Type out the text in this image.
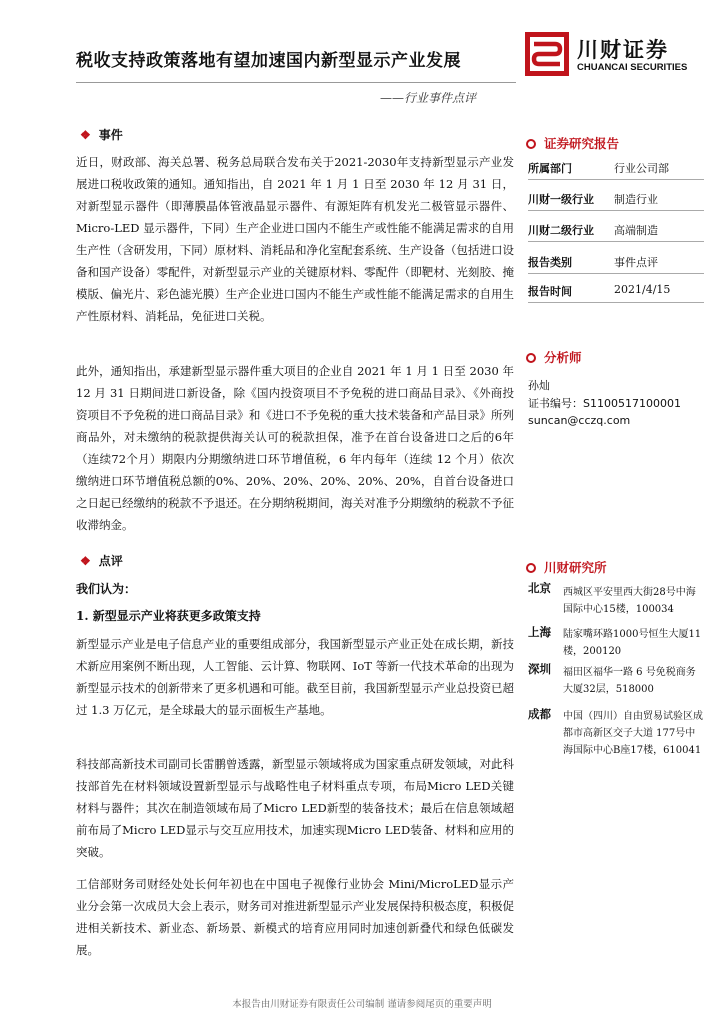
税收支持政策落地有望加速国内新型显示产业发展
——行业事件点评
川财证券
CHUANCAI SECURITIES
❖ 事件
近日，财政部、海关总署、税务总局联合发布关于2021-2030年支持新型显示产业发展进口税收政策的通知。通知指出，自 2021 年 1 月 1 日至 2030 年 12 月 31 日，对新型显示器件（即薄膜晶体管液晶显示器件、有源矩阵有机发光二极管显示器件、Micro-LED 显示器件，下同）生产企业进口国内不能生产或性能不能满足需求的自用生产性（含研发用，下同）原材料、消耗品和净化室配套系统、生产设备（包括进口设备和国产设备）零配件，对新型显示产业的关键原材料、零配件（即靶材、光刻胶、掩模版、偏光片、彩色滤光膜）生产企业进口国内不能生产或性能不能满足需求的自用生产性原材料、消耗品，免征进口关税。
此外，通知指出，承建新型显示器件重大项目的企业自 2021 年 1 月 1 日至 2030 年 12 月 31 日期间进口新设备，除《国内投资项目不予免税的进口商品目录》、《外商投资项目不予免税的进口商品目录》和《进口不予免税的重大技术装备和产品目录》所列商品外，对未缴纳的税款提供海关认可的税款担保，准予在首台设备进口之后的6年（连续72个月）期限内分期缴纳进口环节增值税，6 年内每年（连续 12 个月）依次缴纳进口环节增值税总额的0%、20%、20%、20%、20%、20%，自首台设备进口之日起已经缴纳的税款不予退还。在分期纳税期间，海关对准予分期缴纳的税款不予征收滞纳金。
❖ 点评
我们认为：
1. 新型显示产业将获更多政策支持
新型显示产业是电子信息产业的重要组成部分，我国新型显示产业正处在成长期，新技术新应用案例不断出现，人工智能、云计算、物联网、IoT 等新一代技术革命的出现为新型显示技术的创新带来了更多机遇和可能。截至目前，我国新型显示产业总投资已超过 1.3 万亿元，是全球最大的显示面板生产基地。
科技部高新技术司副司长雷鹏曾透露，新型显示领域将成为国家重点研发领域，对此科技部首先在材料领域设置新型显示与战略性电子材料重点专项，布局Micro LED关键材料与器件；其次在制造领域布局了Micro LED新型的装备技术；最后在信息领域超前布局了Micro LED显示与交互应用技术，加速实现Micro LED装备、材料和应用的突破。
工信部财务司财经处处长何年初也在中国电子视像行业协会 Mini/MicroLED显示产业分会第一次成员大会上表示，财务司对推进新型显示产业发展保持积极态度，积极促进相关新技术、新业态、新场景、新模式的培育应用同时加速创新叠代和绿色低碳发展。
证券研究报告
所属部门	行业公司部
川财一级行业 制造行业
川财二级行业 高端制造
报告类别	事件点评
报告时间	2021/4/15
分析师
孙灿
证书编号：S1100517100001
suncan@cczq.com
川财研究所
北京 西城区平安里西大街28号中海国际中心15楼，100034
上海 陆家嘴环路1000号恒生大厦11楼，200120
深圳 福田区福华一路 6 号免税商务大厦32层，518000
成都 中国（四川）自由贸易试验区成都市高新区交子大道 177号中海国际中心B座17楼，610041
本报告由川财证券有限责任公司编制 谨请参阅尾页的重要声明
